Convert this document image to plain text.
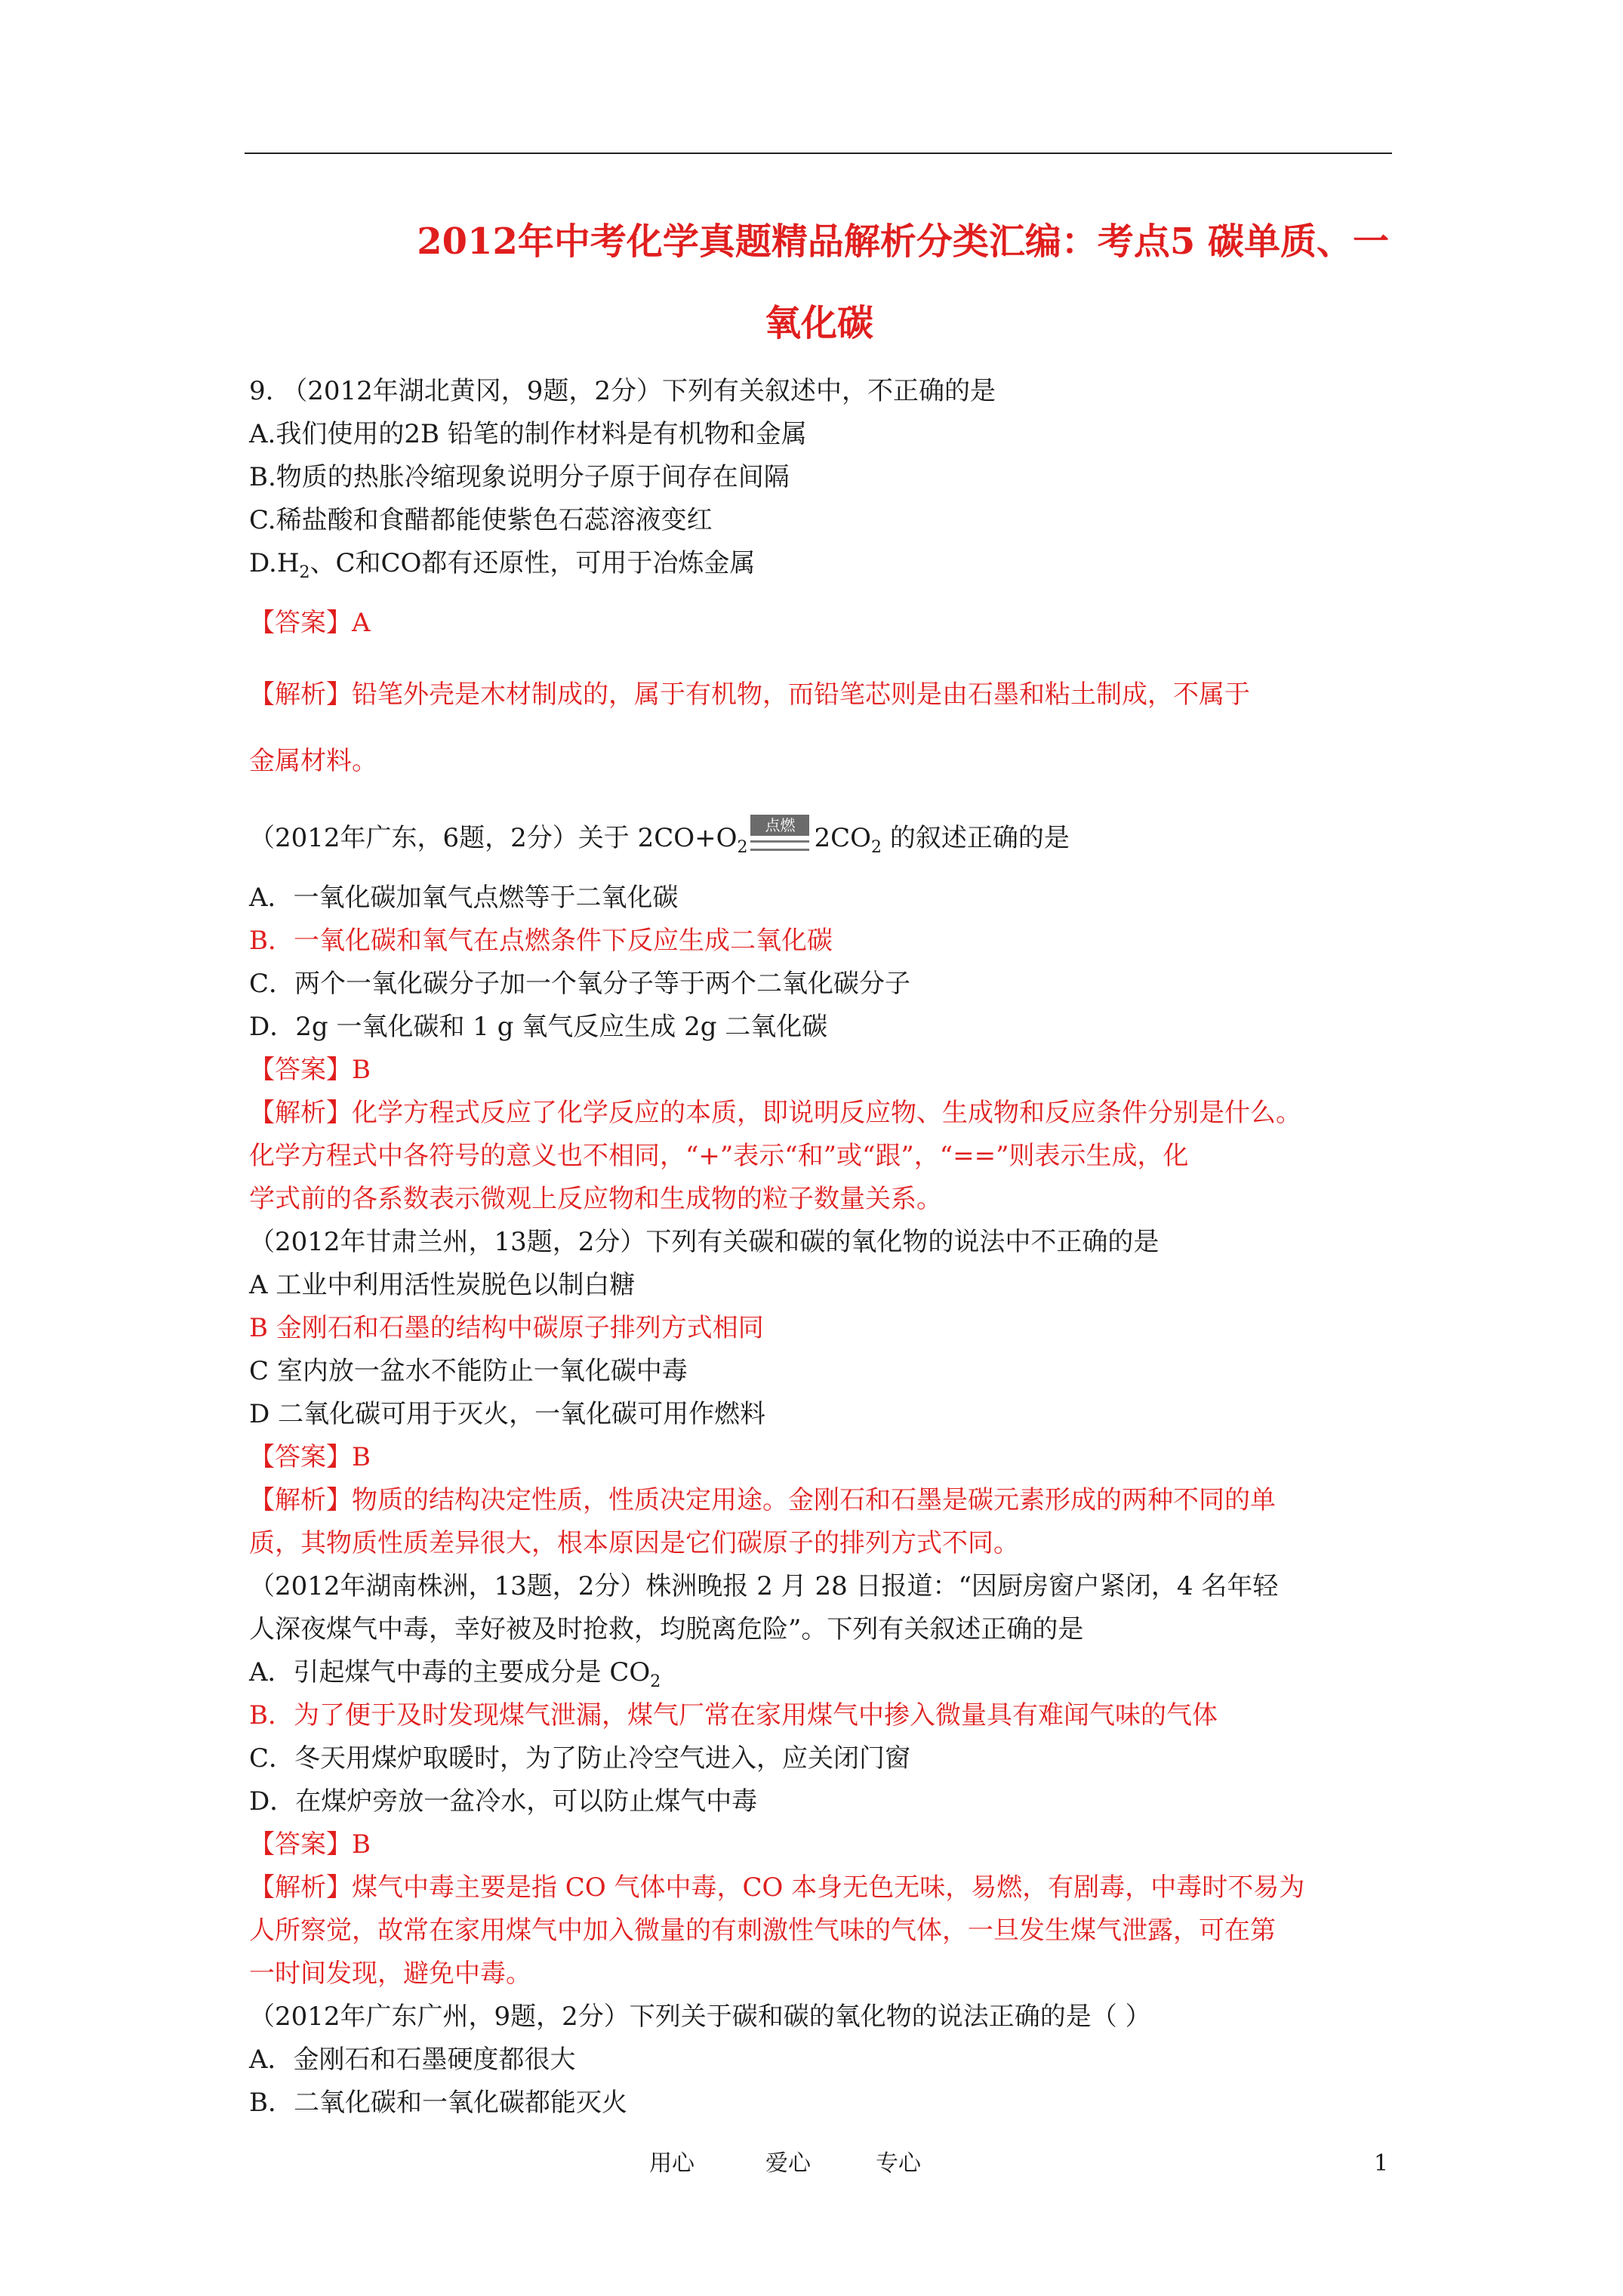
2012年中考化学真题精品解析分类汇编：考点5 碳单质、一
氧化碳
9. （2012年湖北黄冈，9题，2分）下列有关叙述中，不正确的是
A.我们使用的2B 铅笔的制作材料是有机物和金属
B.物质的热胀冷缩现象说明分子原于间存在间隔
C.稀盐酸和食醋都能使紫色石蕊溶液变红
$D.H_2$、C和CO都有还原性，可用于冶炼金属
【答案】A
【解析】铅笔外壳是木材制成的，属于有机物，而铅笔芯则是由石墨和粘土制成，不属于
金属材料。
（2012年广东，6题，2分）关于 $2CO+O_2$
点燃 $2CO_2$ 的叙述正确的是
A．一氧化碳加氧气点燃等于二氧化碳
B．一氧化碳和氧气在点燃条件下反应生成二氧化碳
C．两个一氧化碳分子加一个氧分子等于两个二氧化碳分子
D．2g 一氧化碳和 1 g 氧气反应生成 2g 二氧化碳
【答案】B
【解析】化学方程式反应了化学反应的本质，即说明反应物、生成物和反应条件分别是什么。
化学方程式中各符号的意义也不相同，“+”表示“和”或“跟”，“==”则表示生成，化
学式前的各系数表示微观上反应物和生成物的粒子数量关系。
（2012年甘肃兰州，13题，2分）下列有关碳和碳的氧化物的说法中不正确的是
A 工业中利用活性炭脱色以制白糖
B 金刚石和石墨的结构中碳原子排列方式相同
C 室内放一盆水不能防止一氧化碳中毒
D 二氧化碳可用于灭火，一氧化碳可用作燃料
【答案】B
【解析】物质的结构决定性质，性质决定用途。金刚石和石墨是碳元素形成的两种不同的单
质，其物质性质差异很大，根本原因是它们碳原子的排列方式不同。
（2012年湖南株洲，13题，2分）株洲晚报 2 月 28 日报道：“因厨房窗户紧闭，4 名年轻
人深夜煤气中毒，幸好被及时抢救，均脱离危险”。下列有关叙述正确的是
A．引起煤气中毒的主要成分是 $CO_2$
B．为了便于及时发现煤气泄漏，煤气厂常在家用煤气中掺入微量具有难闻气味的气体
C．冬天用煤炉取暖时，为了防止冷空气进入，应关闭门窗
D．在煤炉旁放一盆冷水，可以防止煤气中毒
【答案】B
【解析】煤气中毒主要是指 CO 气体中毒，CO 本身无色无味，易燃，有剧毒，中毒时不易为
人所察觉，故常在家用煤气中加入微量的有刺激性气味的气体，一旦发生煤气泄露，可在第
一时间发现，避免中毒。
（2012年广东广州，9题，2分）下列关于碳和碳的氧化物的说法正确的是（ ）
A．金刚石和石墨硬度都很大
B．二氧化碳和一氧化碳都能灭火
用心	爱心	专心	1
